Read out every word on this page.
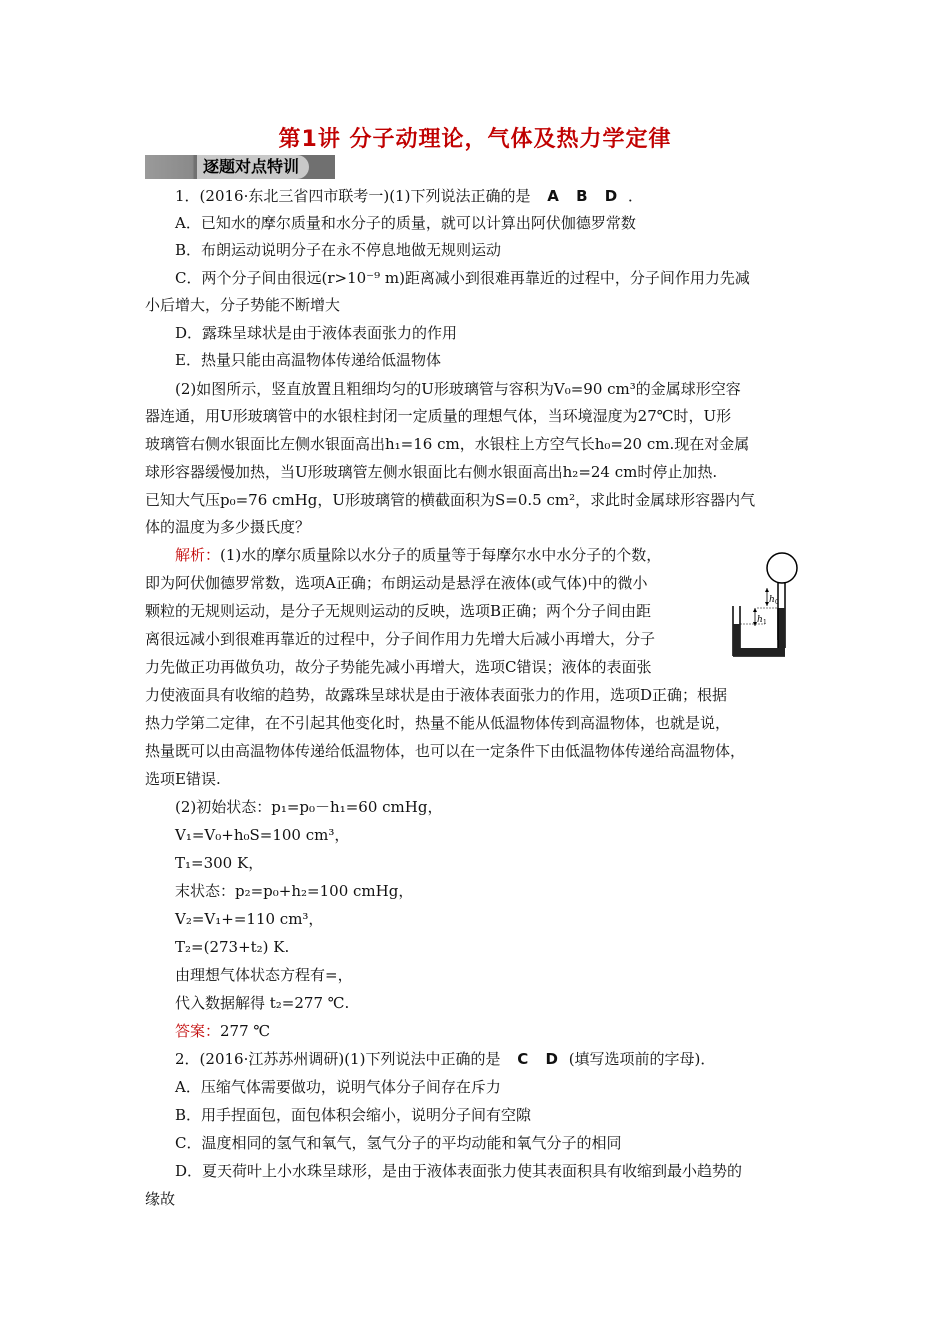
第1讲 分子动理论，气体及热力学定律
逐题对点特训
1．(2016·东北三省四市联考一)(1)下列说法正确的是 A B D ．
A．已知水的摩尔质量和水分子的质量，就可以计算出阿伏伽德罗常数
B．布朗运动说明分子在永不停息地做无规则运动
C．两个分子间由很远(r>10⁻⁹ m)距离减小到很难再靠近的过程中，分子间作用力先减
小后增大，分子势能不断增大
D．露珠呈球状是由于液体表面张力的作用
E．热量只能由高温物体传递给低温物体
(2)如图所示，竖直放置且粗细均匀的U形玻璃管与容积为V₀=90 cm³的金属球形空容
器连通，用U形玻璃管中的水银柱封闭一定质量的理想气体，当环境湿度为27℃时，U形
玻璃管右侧水银面比左侧水银面高出h₁=16 cm，水银柱上方空气长h₀=20 cm.现在对金属
球形容器缓慢加热，当U形玻璃管左侧水银面比右侧水银面高出h₂=24 cm时停止加热.
已知大气压p₀=76 cmHg，U形玻璃管的横截面积为S=0.5 cm²，求此时金属球形容器内气
体的温度为多少摄氏度？
解析：(1)水的摩尔质量除以水分子的质量等于每摩尔水中水分子的个数，
即为阿伏伽德罗常数，选项A正确；布朗运动是悬浮在液体(或气体)中的微小
颗粒的无规则运动，是分子无规则运动的反映，选项B正确；两个分子间由距
离很远减小到很难再靠近的过程中，分子间作用力先增大后减小再增大，分子
力先做正功再做负功，故分子势能先减小再增大，选项C错误；液体的表面张
力使液面具有收缩的趋势，故露珠呈球状是由于液体表面张力的作用，选项D正确；根据
热力学第二定律，在不引起其他变化时，热量不能从低温物体传到高温物体，也就是说，
热量既可以由高温物体传递给低温物体，也可以在一定条件下由低温物体传递给高温物体，
选项E错误.
h 0
h 1
(2)初始状态：p₁=p₀－h₁=60 cmHg，
V₁=V₀+h₀S=100 cm³，
T₁=300 K，
末状态：p₂=p₀+h₂=100 cmHg，
V₂=V₁+=110 cm³，
T₂=(273+t₂) K.
由理想气体状态方程有=，
代入数据解得 t₂=277 ℃.
答案：277 ℃
2．(2016·江苏苏州调研)(1)下列说法中正确的是 C D (填写选项前的字母)．
A．压缩气体需要做功，说明气体分子间存在斥力
B．用手捏面包，面包体积会缩小，说明分子间有空隙
C．温度相同的氢气和氧气，氢气分子的平均动能和氧气分子的相同
D．夏天荷叶上小水珠呈球形，是由于液体表面张力使其表面积具有收缩到最小趋势的
缘故
